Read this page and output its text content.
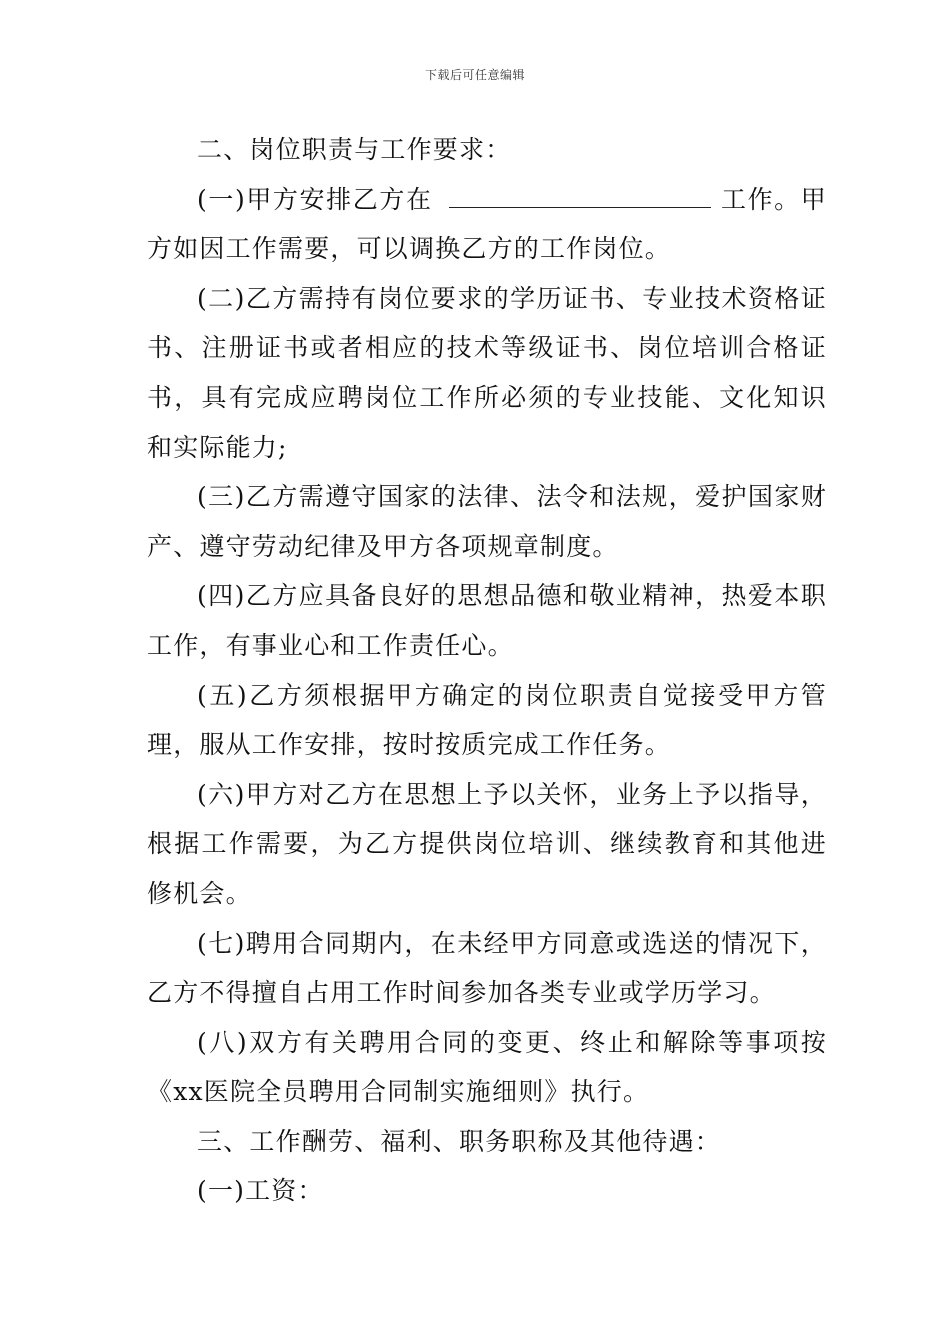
下载后可任意编辑

二、岗位职责与工作要求：

(一)甲方安排乙方在	工作。甲方如因工作需要，可以调换乙方的工作岗位。

(二)乙方需持有岗位要求的学历证书、专业技术资格证书、注册证书或者相应的技术等级证书、岗位培训合格证书，具有完成应聘岗位工作所必须的专业技能、文化知识和实际能力;

(三)乙方需遵守国家的法律、法令和法规，爱护国家财产、遵守劳动纪律及甲方各项规章制度。

(四)乙方应具备良好的思想品德和敬业精神，热爱本职工作，有事业心和工作责任心。

(五)乙方须根据甲方确定的岗位职责自觉接受甲方管理，服从工作安排，按时按质完成工作任务。

(六)甲方对乙方在思想上予以关怀，业务上予以指导，根据工作需要，为乙方提供岗位培训、继续教育和其他进修机会。

(七)聘用合同期内，在未经甲方同意或选送的情况下，乙方不得擅自占用工作时间参加各类专业或学历学习。

(八)双方有关聘用合同的变更、终止和解除等事项按《xx医院全员聘用合同制实施细则》执行。

三、工作酬劳、福利、职务职称及其他待遇：

(一)工资：
